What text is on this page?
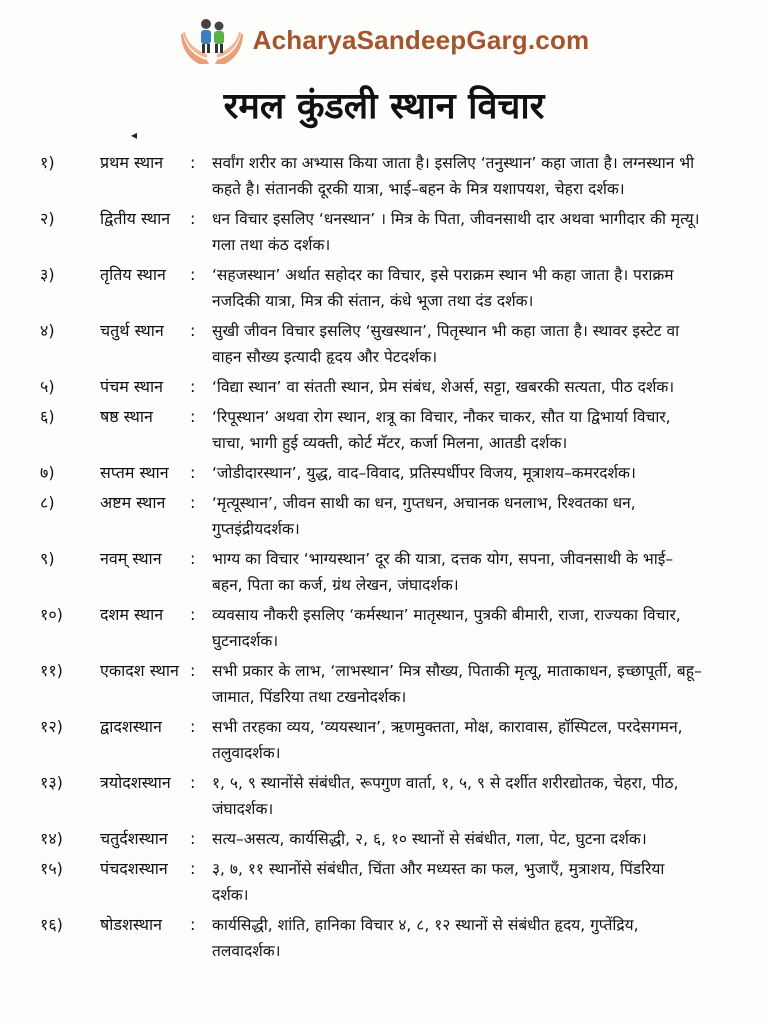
AcharyaSandeepGarg.com
रमल कुंडली स्थान विचार
◂
१)	प्रथम स्थान	:	सर्वांग शरीर का अभ्यास किया जाता है। इसलिए ‘तनुस्थान’ कहा जाता है। लग्नस्थान भी कहते है। संतानकी दूरकी यात्रा, भाई–बहन के मित्र यशापयश, चेहरा दर्शक।
२)	द्वितीय स्थान	:	धन विचार इसलिए ‘धनस्थान’ । मित्र के पिता, जीवनसाथी दार अथवा भागीदार की मृत्यू। गला तथा कंठ दर्शक।
३)	तृतिय स्थान	:	‘सहजस्थान’ अर्थात सहोदर का विचार, इसे पराक्रम स्थान भी कहा जाता है। पराक्रम नजदिकी यात्रा, मित्र की संतान, कंधे भूजा तथा दंड दर्शक।
४)	चतुर्थ स्थान	:	सुखी जीवन विचार इसलिए ‘सुखस्थान’, पितृस्थान भी कहा जाता है। स्थावर इस्टेट वा वाहन सौख्य इत्यादी हृदय और पेटदर्शक।
५)	पंचम स्थान	:	‘विद्या स्थान’ वा संतती स्थान, प्रेम संबंध, शेअर्स, सट्टा, खबरकी सत्यता, पीठ दर्शक।
६)	षष्ठ स्थान	:	‘रिपूस्थान’ अथवा रोग स्थान, शत्रू का विचार, नौकर चाकर, सौत या द्विभार्या विचार, चाचा, भागी हुई व्यक्ती, कोर्ट मॅटर, कर्जा मिलना, आतडी दर्शक।
७)	सप्तम स्थान	:	‘जोडीदारस्थान’, युद्ध, वाद–विवाद, प्रतिस्पर्धीपर विजय, मूत्राशय–कमरदर्शक।
८)	अष्टम स्थान	:	‘मृत्यूस्थान’, जीवन साथी का धन, गुप्तधन, अचानक धनलाभ, रिश्वतका धन, गुप्तइंद्रीयदर्शक।
९)	नवम् स्थान	:	भाग्य का विचार ‘भाग्यस्थान’ दूर की यात्रा, दत्तक योग, सपना, जीवनसाथी के भाई–बहन, पिता का कर्ज, ग्रंथ लेखन, जंघादर्शक।
१०)	दशम स्थान	:	व्यवसाय नौकरी इसलिए ‘कर्मस्थान’ मातृस्थान, पुत्रकी बीमारी, राजा, राज्यका विचार, घुटनादर्शक।
११)	एकादश स्थान :	सभी प्रकार के लाभ, ‘लाभस्थान’ मित्र सौख्य, पिताकी मृत्यू, माताकाधन, इच्छापूर्ती, बहू–जामात, पिंडरिया तथा टखनोदर्शक।
१२)	द्वादशस्थान	:	सभी तरहका व्यय, ‘व्ययस्थान’, ऋणमुक्तता, मोक्ष, कारावास, हॉस्पिटल, परदेसगमन, तलुवादर्शक।
१३)	त्रयोदशस्थान	:	१, ५, ९ स्थानोंसे संबंधीत, रूपगुण वार्ता, १, ५, ९ से दर्शीत शरीरद्योतक, चेहरा, पीठ, जंघादर्शक।
१४)	चतुर्दशस्थान	:	सत्य–असत्य, कार्यसिद्धी, २, ६, १० स्थानों से संबंधीत, गला, पेट, घुटना दर्शक।
१५)	पंचदशस्थान	:	३, ७, ११ स्थानोंसे संबंधीत, चिंता और मध्यस्त का फल, भुजाएँ, मुत्राशय, पिंडरिया दर्शक।
१६)	षोडशस्थान	:	कार्यसिद्धी, शांति, हानिका विचार ४, ८, १२ स्थानों से संबंधीत हृदय, गुप्तेंद्रिय, तलवादर्शक।
